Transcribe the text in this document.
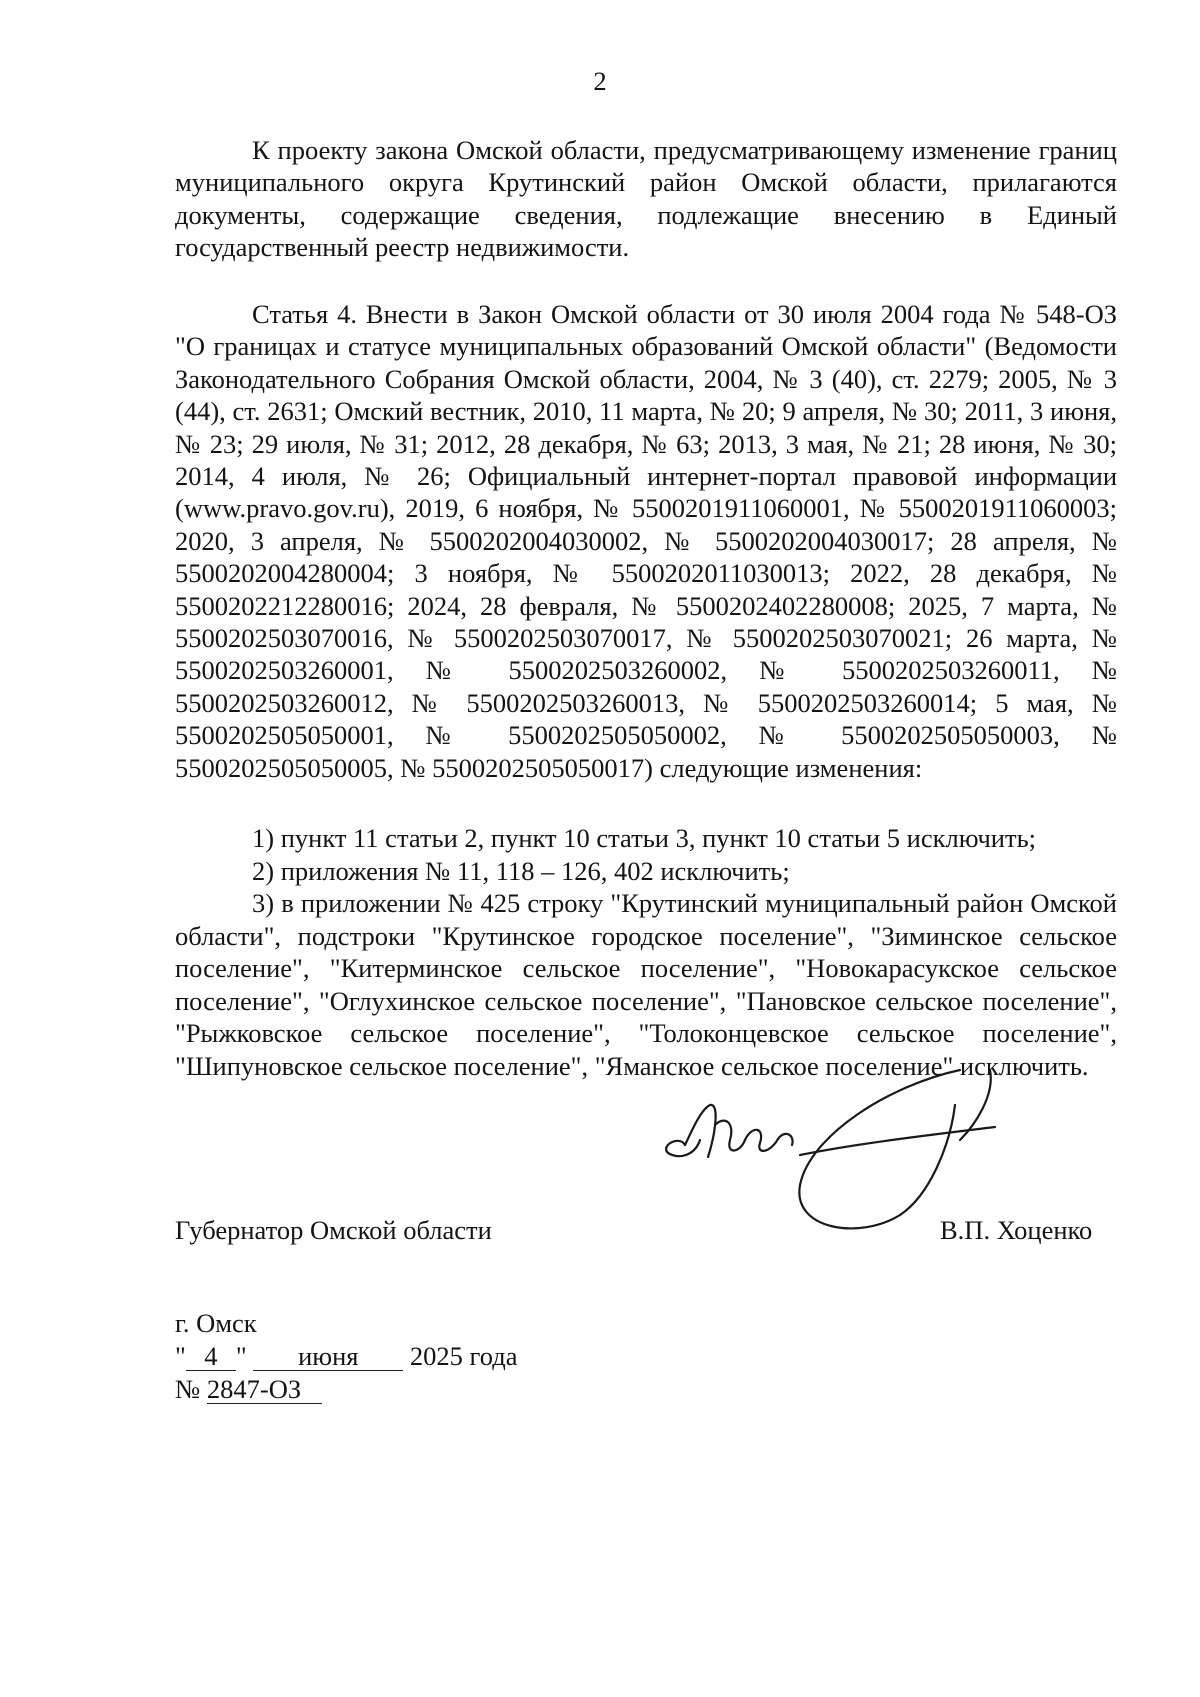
2

К проекту закона Омской области, предусматривающему изменение границ муниципального округа Крутинский район Омской области, прилагаются документы, содержащие сведения, подлежащие внесению в Единый государственный реестр недвижимости.

Статья 4. Внести в Закон Омской области от 30 июля 2004 года № 548-ОЗ "О границах и статусе муниципальных образований Омской области" (Ведомости Законодательного Собрания Омской области, 2004, № 3 (40), ст. 2279; 2005, № 3 (44), ст. 2631; Омский вестник, 2010, 11 марта, № 20; 9 апреля, № 30; 2011, 3 июня, № 23; 29 июля, № 31; 2012, 28 декабря, № 63; 2013, 3 мая, № 21; 28 июня, № 30; 2014, 4 июля, № 26; Официальный интернет-портал правовой информации (www.pravo.gov.ru), 2019, 6 ноября, № 5500201911060001, № 5500201911060003; 2020, 3 апреля, № 5500202004030002, № 5500202004030017; 28 апреля, № 5500202004280004; 3 ноября, № 5500202011030013; 2022, 28 декабря, № 5500202212280016; 2024, 28 февраля, № 5500202402280008; 2025, 7 марта, № 5500202503070016, № 5500202503070017, № 5500202503070021; 26 марта, № 5500202503260001, № 5500202503260002, № 5500202503260011, № 5500202503260012, № 5500202503260013, № 5500202503260014; 5 мая, № 5500202505050001, № 5500202505050002, № 5500202505050003, № 5500202505050005, № 5500202505050017) следующие изменения:

1) пункт 11 статьи 2, пункт 10 статьи 3, пункт 10 статьи 5 исключить;

2) приложения № 11, 118 – 126, 402 исключить;

3) в приложении № 425 строку "Крутинский муниципальный район Омской области", подстроки "Крутинское городское поселение", "Зиминское сельское поселение", "Китерминское сельское поселение", "Новокарасукское сельское поселение", "Оглухинское сельское поселение", "Пановское сельское поселение", "Рыжковское сельское поселение", "Толоконцевское сельское поселение", "Шипуновское сельское поселение", "Яманское сельское поселение" исключить.

Губернатор Омской области	В.П. Хоценко
г. Омск
" 4 " июня 2025 года
№ 2847-ОЗ
